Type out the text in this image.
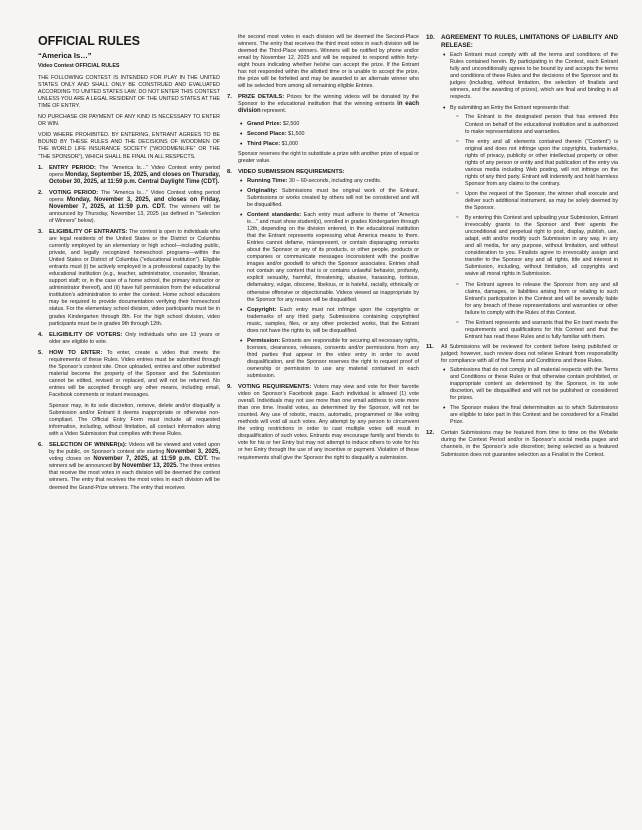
OFFICIAL RULES
“America Is…”
Video Contest OFFICIAL RULES

THE FOLLOWING CONTEST IS INTENDED FOR PLAY IN THE UNITED STATES ONLY AND SHALL ONLY BE CONSTRUED AND EVALUATED ACCORDING TO UNITED STATES LAW. DO NOT ENTER THIS CONTEST UNLESS YOU ARE A LEGAL RESIDENT OF THE UNITED STATES AT THE TIME OF ENTRY.

NO PURCHASE OR PAYMENT OF ANY KIND IS NECESSARY TO ENTER OR WIN.

VOID WHERE PROHIBITED. BY ENTERING, ENTRANT AGREES TO BE BOUND BY THESE RULES AND THE DECISIONS OF WOODMEN OF THE WORLD LIFE INSURANCE SOCIETY (“WOODMENLIFE” OR THE “THE SPONSOR”), WHICH SHALL BE FINAL IN ALL RESPECTS.

1. ENTRY PERIOD: The “America Is…” Video Contest entry period opens Monday, September 15, 2025, and closes on Thursday, October 30, 2025, at 11:59 p.m. Central Daylight Time (CDT).
2. VOTING PERIOD: The “America Is…” Video Contest voting period opens Monday, November 3, 2025, and closes on Friday, November 7, 2025, at 11:59 p.m. CDT. The winners will be announced by Thursday, November 13, 2025 (as defined in “Selection of Winners” below).
3. ELIGIBILITY OF ENTRANTS: The contest is open to individuals who are legal residents of the United States or the District or Columbia currently employed by an elementary or high school—including public, private, and legally recognized homeschool programs—within the United States or District of Columbia (“educational institution”). Eligible entrants must (i) be actively employed in a professional capacity by the educational institution (e.g., teacher, administrator, counselor, librarian, support staff; or, in the case of a home school, the primary instructor or administrator thereof), and (ii) have full permission from the educational institution’s administration to enter the contest. Home school educators may be required to provide documentation verifying their homeschool status. For the elementary school division, video participants must be in grades Kindergarten through 8th. For the high school division, video participants must be in grades 9th through 12th.
4. ELIGIBILITY OF VOTERS: Only individuals who are 13 years or older are eligible to vote.
5. HOW TO ENTER: To enter, create a video that meets the requirements of these Rules. Video entries must be submitted through the Sponsor’s contest site. Once uploaded, entries and other submitted material become the property of the Sponsor and the Submission cannot be edited, revised or replaced, and will not be returned. No entries will be accepted through any other means, including email, Facebook comments or instant messages.

Sponsor may, in its sole discretion, remove, delete and/or disqualify a Submission and/or Entrant it deems inappropriate or otherwise non-compliant. The Official Entry Form must include all requested information, including, without limitation, all contact information along with a Video Submission that complies with these Rules.

6. SELECTION OF WINNER(s): Videos will be viewed and voted upon by the public, on Sponsor’s contest site starting November 3, 2025, voting closes on November 7, 2025, at 11:59 p.m. CDT. The winners will be announced by November 13, 2025. The three entries that receive the most votes in each division will be deemed the contest winners. The entry that receives the most votes in each division will be deemed the Grand-Prize winners. The entry that receives

the second most votes in each division will be deemed the Second-Place winners. The entry that receives the third most votes in each division will be deemed the Third-Place winners. Winners will be notified by phone and/or email by November 12, 2025 and will be required to respond within forty-eight hours indicating whether he/she can accept the prize. If the Entrant has not responded within the allotted time or is unable to accept the prize, the prize will be forfeited and may be awarded to an alternate winner who will be selected from among all remaining eligible Entries.

7. PRIZE DETAILS: Prizes for the winning videos will be donated by the Sponsor to the educational institution that the winning entrants in each division represent.
• Grand Prize: $2,500
• Second Place: $1,500
• Third Place: $1,000

Sponsor reserves the right to substitute a prize with another prize of equal or greater value.

8. VIDEO SUBMISSION REQUIREMENTS:
• Running Time: 30 – 60-seconds, including any credits.
• Originality: Submissions must be original work of the Entrant. Submissions or works created by others will not be considered and will be disqualified.
• Content standards: Each entry must adhere to theme of “America is…” and must show student(s), enrolled in grades Kindergarten through 12th, depending on the division entered, in the educational institution that the Entrant represents expressing what America means to them. Entries cannot defame, misrepresent, or contain disparaging remarks about the Sponsor or any of its products, or other people, products or companies or communicate messages inconsistent with the positive images and/or goodwill to which the Sponsor associates. Entries shall not contain any content that is or contains unlawful behavior, profanity, explicit sexuality, harmful, threatening, abusive, harassing, tortious, defamatory, vulgar, obscene, libelous, or is hateful, racially, ethnically or otherwise offensive or objectionable. Videos viewed as inappropriate by the Sponsor for any reason will be disqualified.
• Copyright: Each entry must not infringe upon the copyrights or trademarks of any third party. Submissions containing copyrighted music, samples, files, or any other protected works, that the Entrant does not have the rights to, will be disqualified.
• Permission: Entrants are responsible for securing all necessary rights, licenses, clearances, releases, consents and/or permissions from any third parties that appear in the video entry in order to avoid disqualification, and the Sponsor reserves the right to request proof of ownership or permission to use any material contained in each submission.
9. VOTING REQUIREMENTS: Voters may view and vote for their favorite video on Sponsor’s Facebook page. Each individual is allowed (1) vote overall. Individuals may not use more than one email address to vote more than one time. Invalid votes, as determined by the Sponsor, will not be counted. Any use of robotic, macro, automatic, programmed or like voting methods will void all such votes. Any attempt by any person to circumvent the voting restrictions in order to cast multiple votes will result in disqualification of such votes. Entrants may encourage family and friends to vote for his or her Entry but may not attempt to induce others to vote for his or her Entry through the use of any incentive or payment. Violation of these requirements shall give the Sponsor the right to disqualify a submission.
10. AGREEMENT TO RULES, LIMITATIONS OF LIABILITY AND RELEASE:
• Each Entrant must comply with all the terms and conditions of the Rules contained herein. By participating in the Contest, each Entrant fully and unconditionally agrees to be bound by and accepts the terms and conditions of these Rules and the decisions of the Sponsor and its judges (including, without limitation, the selection of finalists and winners, and the awarding of prizes), which are final and binding in all respects.
• By submitting an Entry the Entrant represents that:
◦ The Entrant is the designated person that has entered this Contest on behalf of the educational institution and is authorized to make representations and warranties.
◦ The entry and all elements contained therein (“Content”) is original and does not infringe upon the copyrights, trademarks, rights of privacy, publicity or other intellectual property or other rights of any person or entity and that publication of the entry via various media including Web posting, will not infringe on the rights of any third party. Entrant will indemnify and hold harmless Sponsor from any claims to the contrary.
◦ Upon the request of the Sponsor, the winner shall execute and deliver such additional instrument, as may be solely deemed by the Sponsor.
◦ By entering this Contest and uploading your Submission, Entrant irrevocably grants to the Sponsor and their agents the unconditional and perpetual right to post, display, publish, use, adapt, edit and/or modify such Submission in any way, in any and all media, for any purpose, without limitation, and without consideration to you. Finalists agree to irrevocably assign and transfer to the Sponsor any and all rights, title and interest in Submission, including, without limitation, all copyrights and waive all moral rights in Submission.
◦ The Entrant agrees to release the Sponsor from any and all claims, damages, or liabilities arising from or relating to such Entrant’s participation in the Contest and will be severally liable for any breach of these representations and warranties or other failure to comply with the Rules of this Contest.
◦ The Entrant represents and warrants that the En trant meets the requirements and qualifications for this Contest and that the Entrant has read these Rules and is fully familiar with them.
11. All Submissions will be reviewed for content before being published or judged; however, such review does not relieve Entrant from responsibility for compliance with all of the Terms and Conditions and these Rules.
• Submissions that do not comply in all material respects with the Terms and Conditions or these Rules or that otherwise contain prohibited, or inappropriate content as determined by the Sponsor, in its sole discretion, will be disqualified and will not be published or considered for prizes.
• The Sponsor makes the final determination as to which Submissions are eligible to take part in this Contest and be considered for a Finalist Prize.
12. Certain Submissions may be featured from time to time on the Website during the Contest Period and/or in Sponsor’s social media pages and channels, in the Sponsor’s sole discretion; being selected as a featured Submission does not guarantee selection as a Finalist in the Contest.
